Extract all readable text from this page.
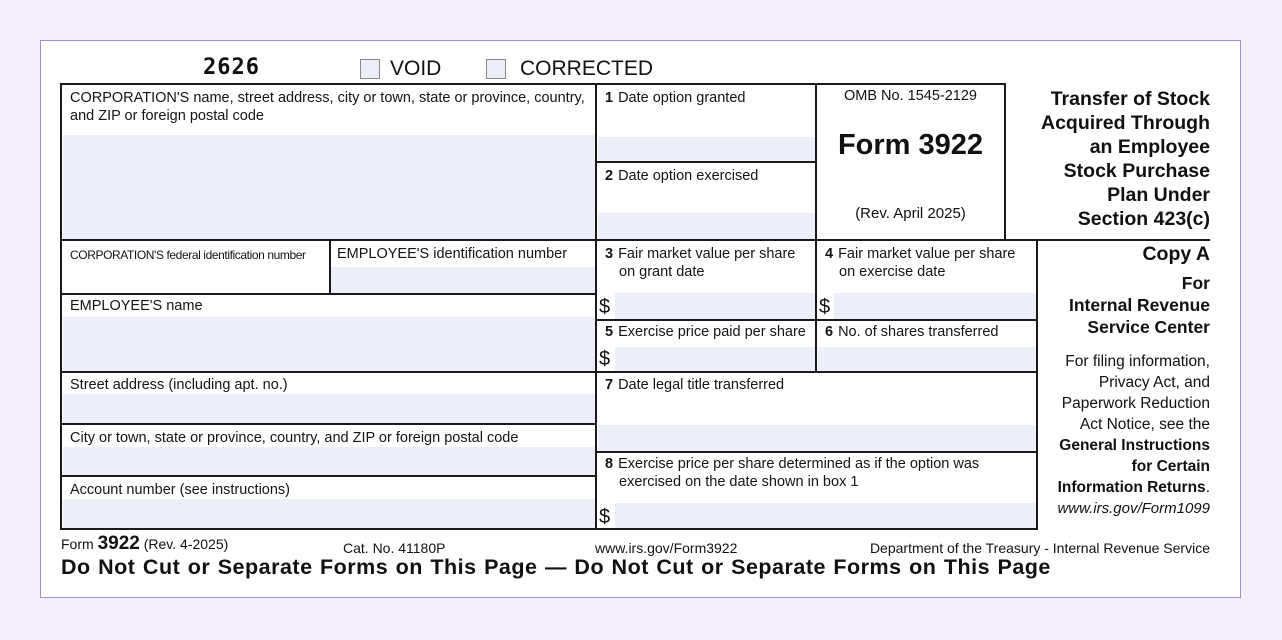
2626	VOID	CORRECTED
CORPORATION'S name, street address, city or town, state or province, country, and ZIP or foreign postal code
1 Date option granted
2 Date option exercised
CORPORATION'S federal identification number EMPLOYEE'S identification number	3 Fair market value per share
on grant date
4 Fair market value per share
on exercise date
$	$
EMPLOYEE'S name
5 Exercise price paid per share 6 No. of shares transferred
$
Street address (including apt. no.)	7 Date legal title transferred
City or town, state or province, country, and ZIP or foreign postal code
8 Exercise price per share determined as if the option was
exercised on the date shown in box 1
Account number (see instructions)
$
OMB No. 1545-2129
Form 3922
(Rev. April 2025)
Transfer of Stock
Acquired Through
an Employee
Stock Purchase
Plan Under
Section 423(c)
Copy A
For
Internal Revenue
Service Center
For filing information,
Privacy Act, and
Paperwork Reduction
Act Notice, see the
General Instructions
for Certain
Information Returns.
www.irs.gov/Form1099
Form 3922 (Rev. 4-2025)	Cat. No. 41180P	www.irs.gov/Form3922	Department of the Treasury - Internal Revenue Service
Do Not Cut or Separate Forms on This Page — Do Not Cut or Separate Forms on This Page
